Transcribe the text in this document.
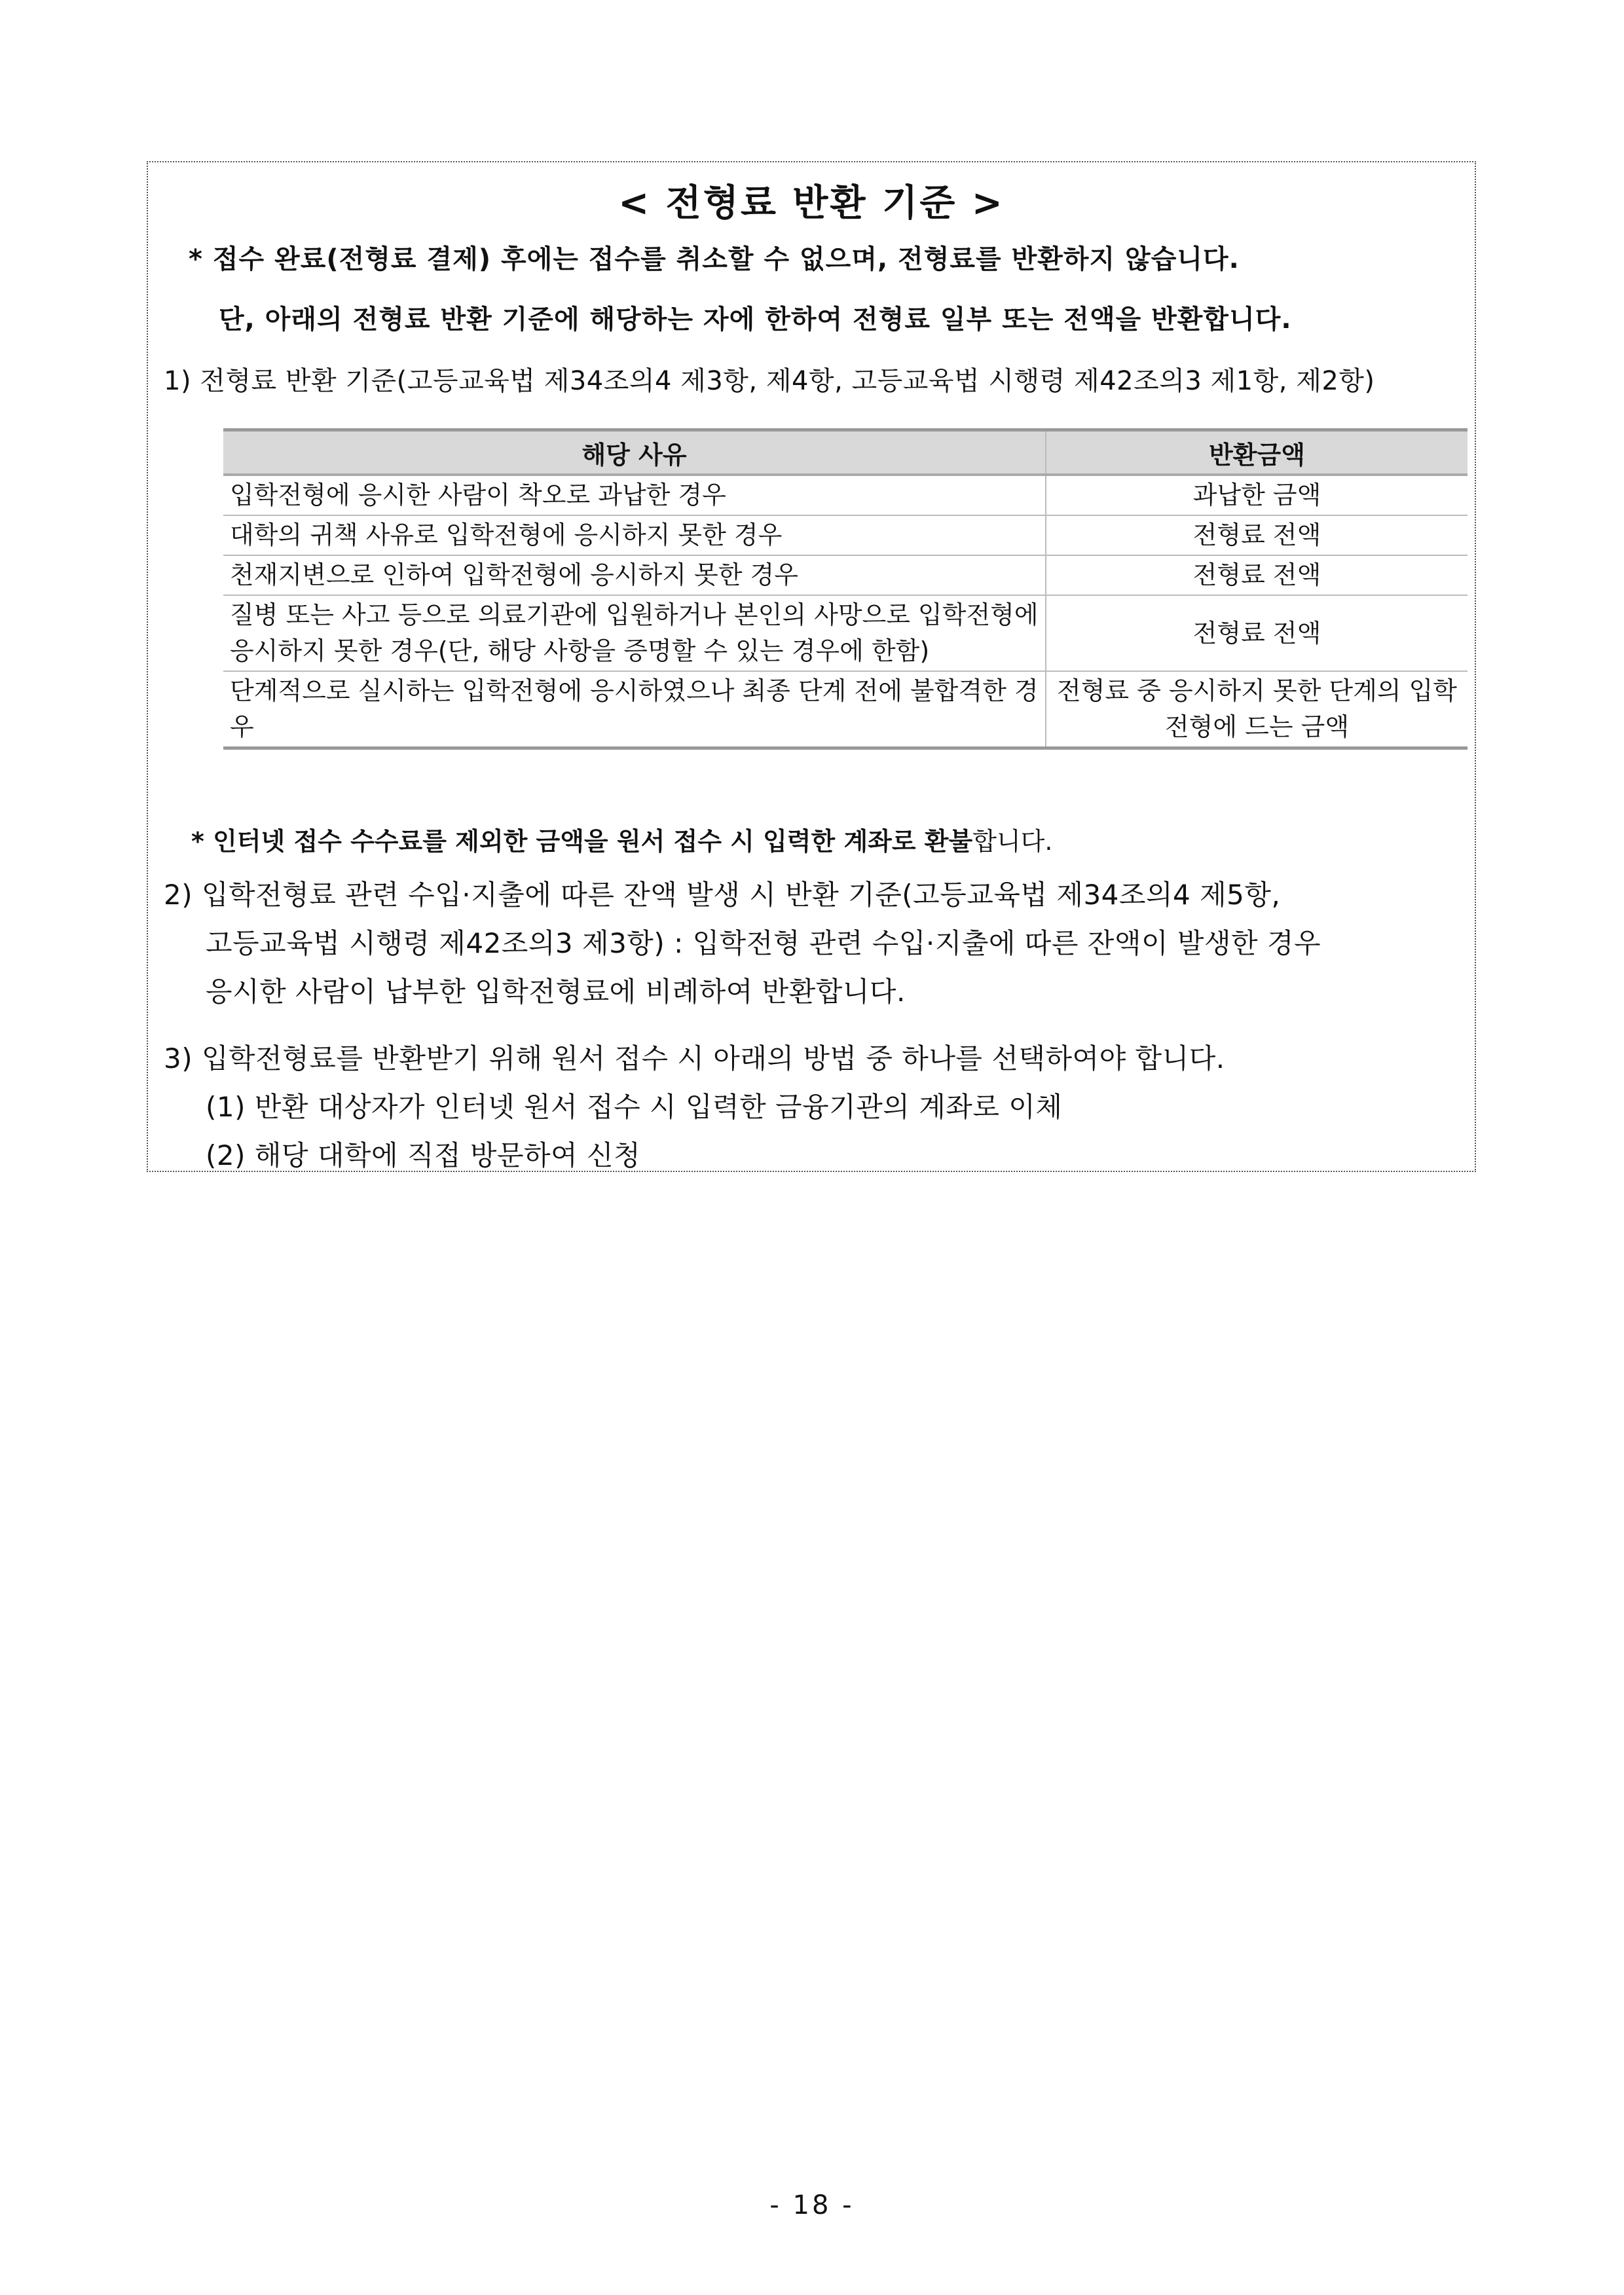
< 전형료 반환 기준 >
* 접수 완료(전형료 결제) 후에는 접수를 취소할 수 없으며, 전형료를 반환하지 않습니다.
단, 아래의 전형료 반환 기준에 해당하는 자에 한하여 전형료 일부 또는 전액을 반환합니다.
1) 전형료 반환 기준(고등교육법 제34조의4 제3항, 제4항, 고등교육법 시행령 제42조의3 제1항, 제2항)
해당 사유	반환금액
입학전형에 응시한 사람이 착오로 과납한 경우	과납한 금액
대학의 귀책 사유로 입학전형에 응시하지 못한 경우	전형료 전액
천재지변으로 인하여 입학전형에 응시하지 못한 경우	전형료 전액
질병 또는 사고 등으로 의료기관에 입원하거나 본인의 사망으로 입학전형에 응시하지 못한 경우(단, 해당 사항을 증명할 수 있는 경우에 한함)	전형료 전액
단계적으로 실시하는 입학전형에 응시하였으나 최종 단계 전에 불합격한 경우	전형료 중 응시하지 못한 단계의 입학전형에 드는 금액
* 인터넷 접수 수수료를 제외한 금액을 원서 접수 시 입력한 계좌로 환불합니다.
2) 입학전형료 관련 수입·지출에 따른 잔액 발생 시 반환 기준(고등교육법 제34조의4 제5항,
고등교육법 시행령 제42조의3 제3항) : 입학전형 관련 수입·지출에 따른 잔액이 발생한 경우
응시한 사람이 납부한 입학전형료에 비례하여 반환합니다.
3) 입학전형료를 반환받기 위해 원서 접수 시 아래의 방법 중 하나를 선택하여야 합니다.
(1) 반환 대상자가 인터넷 원서 접수 시 입력한 금융기관의 계좌로 이체
(2) 해당 대학에 직접 방문하여 신청
- 18 -
